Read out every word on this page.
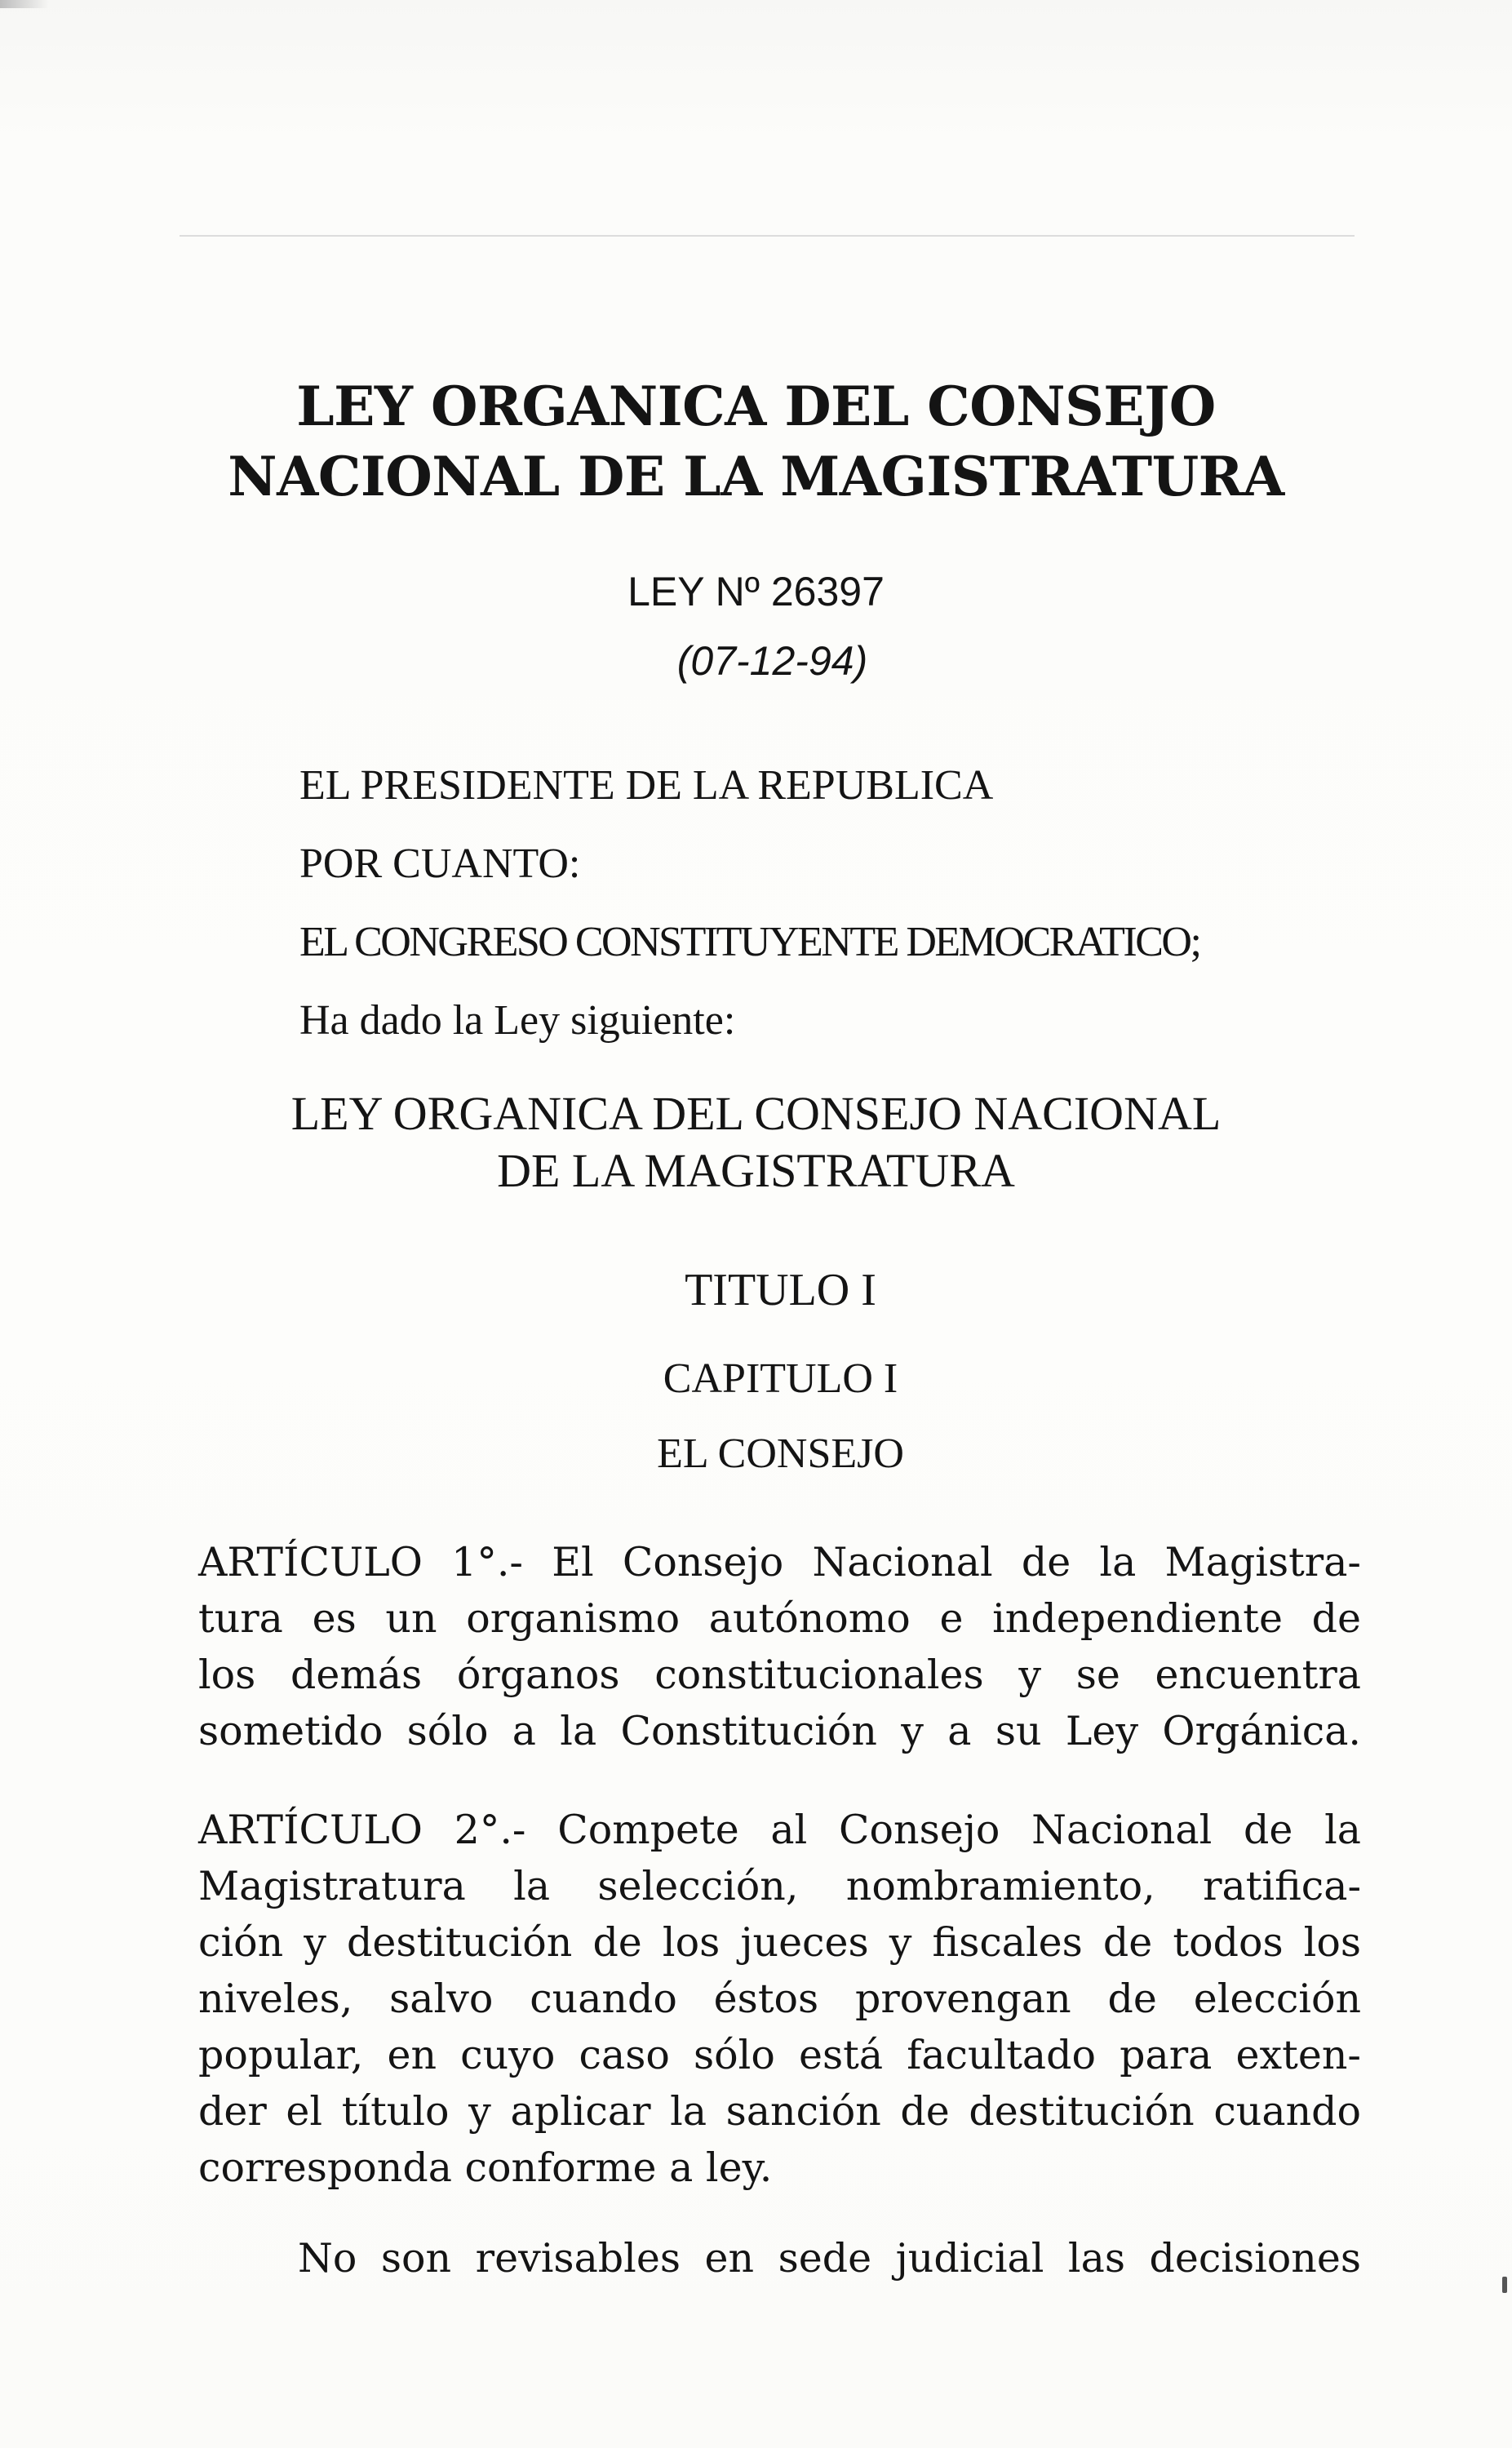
LEY ORGANICA DEL CONSEJO
NACIONAL DE LA MAGISTRATURA
LEY Nº 26397
(07-12-94)
EL PRESIDENTE DE LA REPUBLICA
POR CUANTO:
EL CONGRESO CONSTITUYENTE DEMOCRATICO;
Ha dado la Ley siguiente:
LEY ORGANICA DEL CONSEJO NACIONAL
DE LA MAGISTRATURA
TITULO I
CAPITULO I
EL CONSEJO
ARTÍCULO 1°.- El Consejo Nacional de la Magistra-
tura es un organismo autónomo e independiente de
los demás órganos constitucionales y se encuentra
sometido sólo a la Constitución y a su Ley Orgánica.
ARTÍCULO 2°.- Compete al Consejo Nacional de la
Magistratura la selección, nombramiento, ratifica-
ción y destitución de los jueces y fiscales de todos los
niveles, salvo cuando éstos provengan de elección
popular, en cuyo caso sólo está facultado para exten-
der el título y aplicar la sanción de destitución cuando
corresponda conforme a ley.
No son revisables en sede judicial las decisiones
